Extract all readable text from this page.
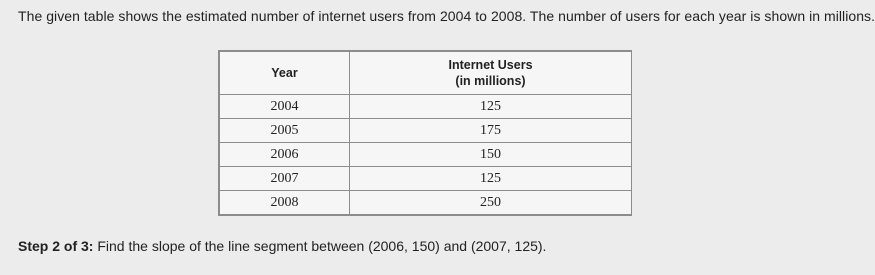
The given table shows the estimated number of internet users from 2004 to 2008. The number of users for each year is shown in millions.
Year	Internet Users
(in millions)

2004	125
2005	175
2006	150
2007	125
2008	250
Step 2 of 3: Find the slope of the line segment between (2006, 150) and (2007, 125).
